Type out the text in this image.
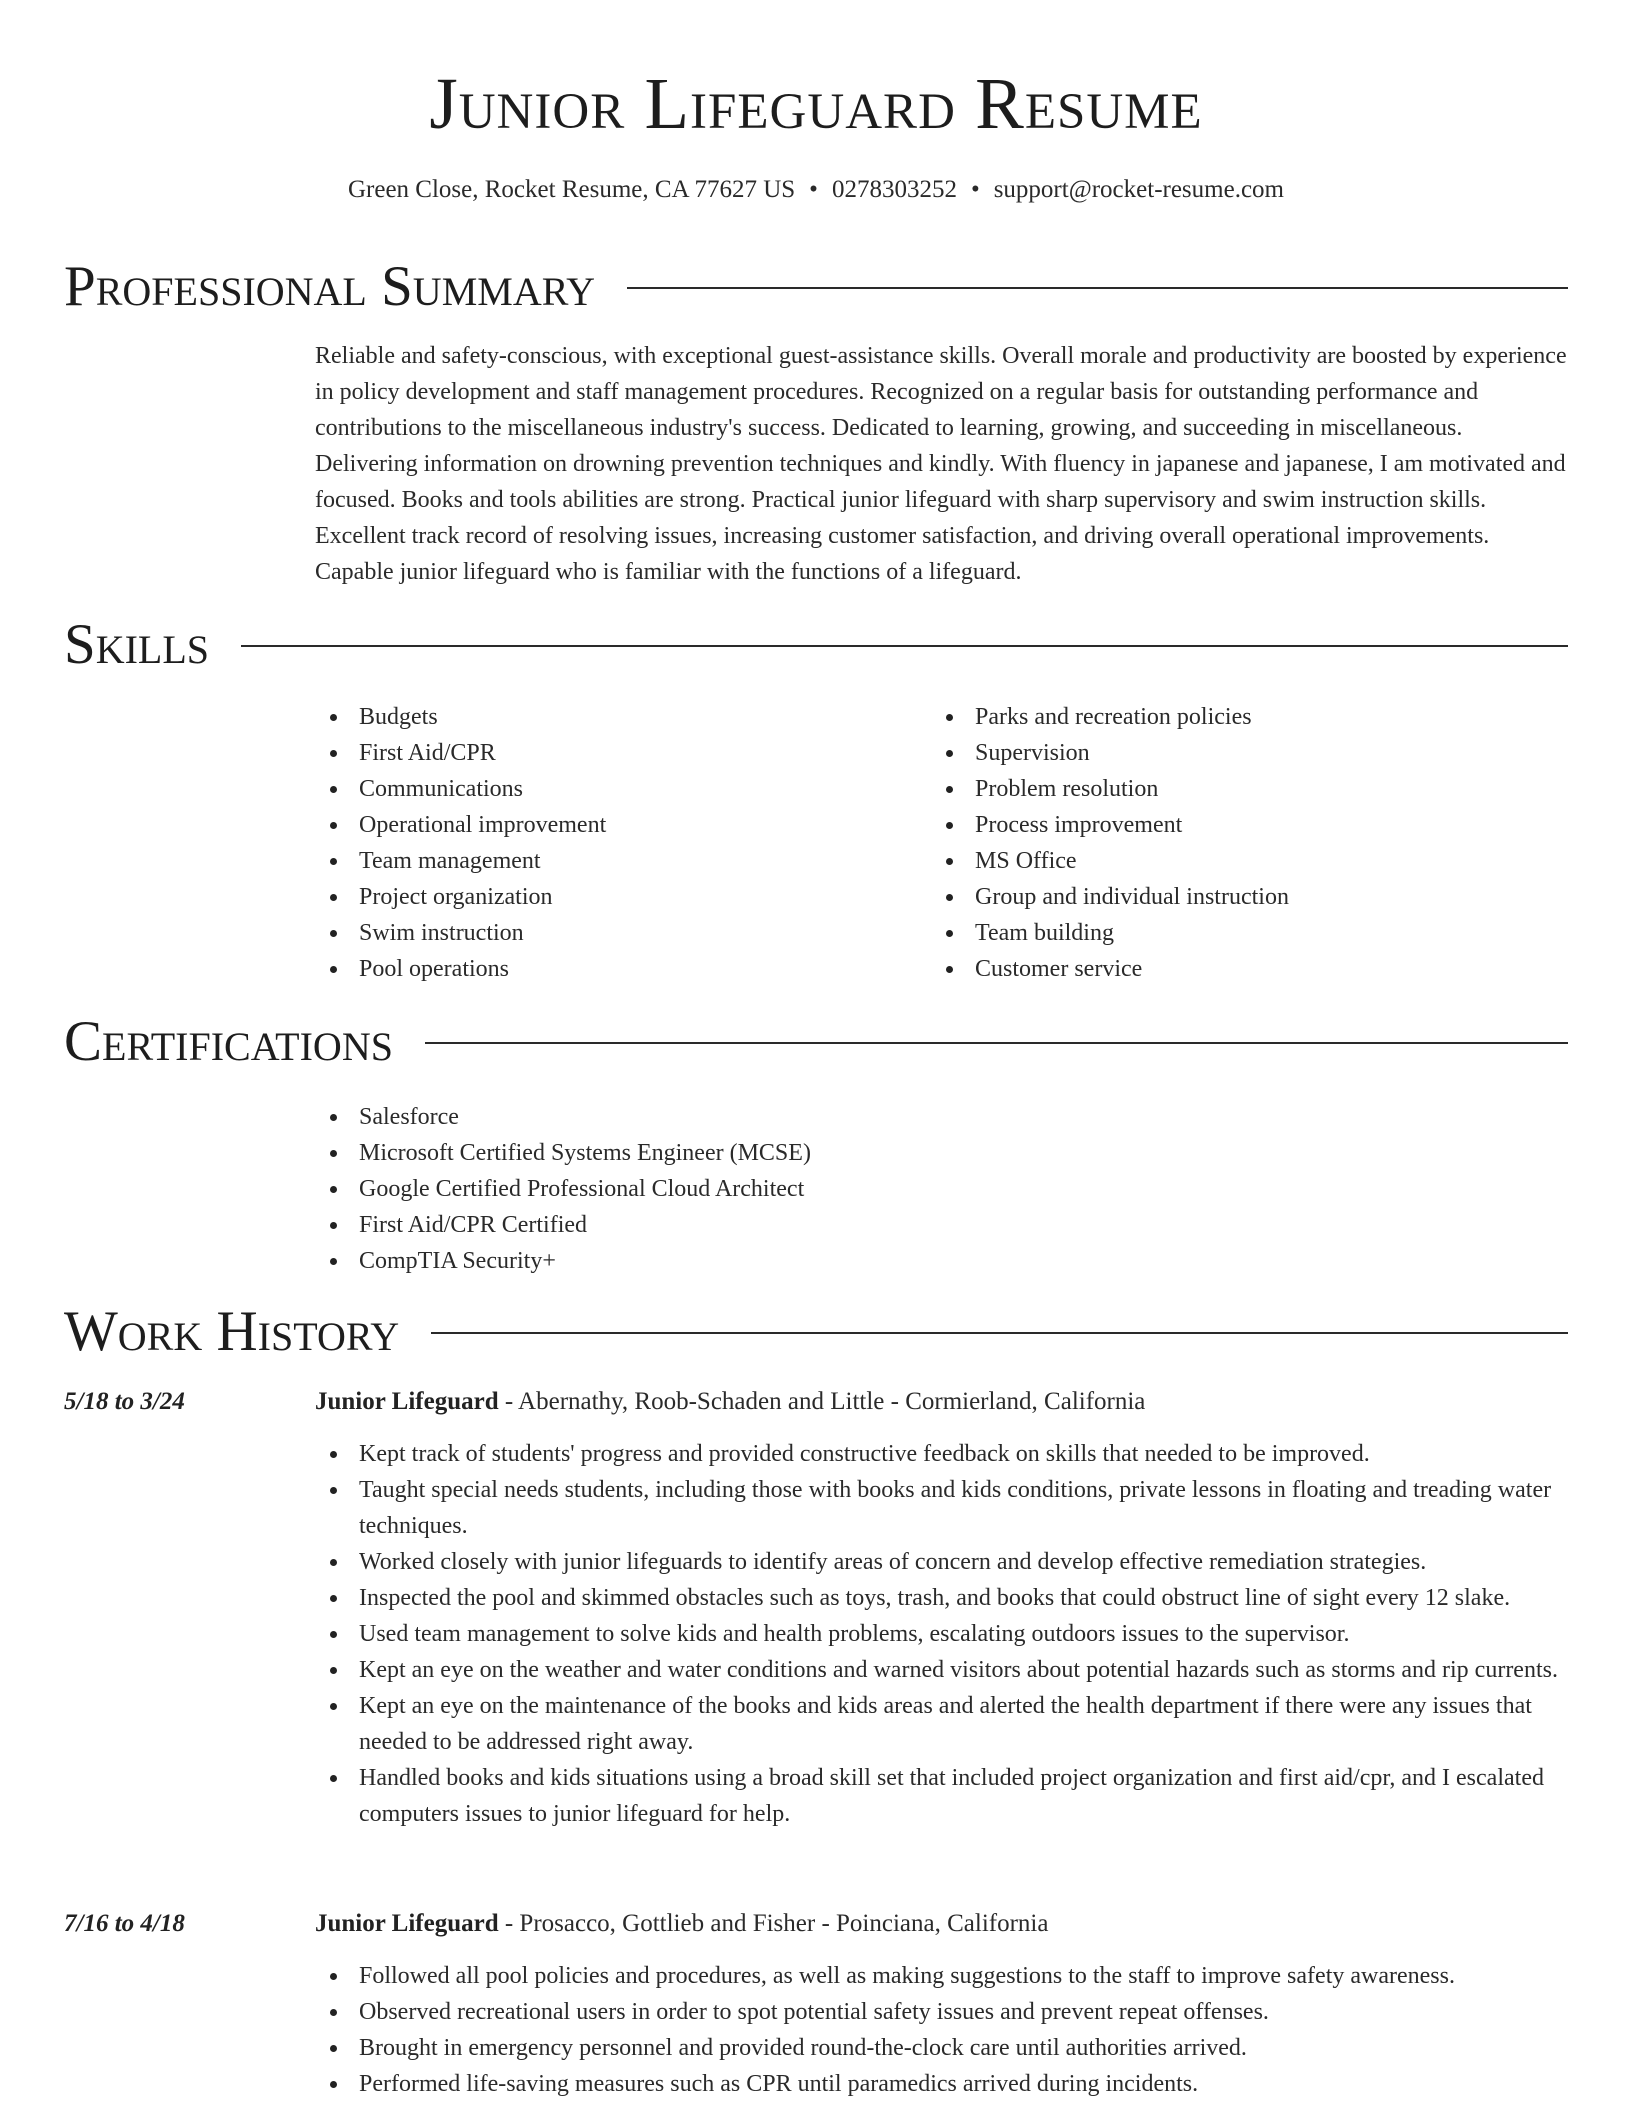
Junior Lifeguard Resume
Green Close, Rocket Resume, CA 77627 US • 0278303252 • support@rocket-resume.com
Professional Summary

Reliable and safety-conscious, with exceptional guest-assistance skills. Overall morale and productivity are boosted by experience in policy development and staff management procedures. Recognized on a regular basis for outstanding performance and contributions to the miscellaneous industry's success. Dedicated to learning, growing, and succeeding in miscellaneous. Delivering information on drowning prevention techniques and kindly. With fluency in japanese and japanese, I am motivated and focused. Books and tools abilities are strong. Practical junior lifeguard with sharp supervisory and swim instruction skills. Excellent track record of resolving issues, increasing customer satisfaction, and driving overall operational improvements. Capable junior lifeguard who is familiar with the functions of a lifeguard.

Skills
Budgets
First Aid/CPR
Communications
Operational improvement
Team management
Project organization
Swim instruction
Pool operations
Parks and recreation policies
Supervision
Problem resolution
Process improvement
MS Office
Group and individual instruction
Team building
Customer service
Certifications
Salesforce
Microsoft Certified Systems Engineer (MCSE)
Google Certified Professional Cloud Architect
First Aid/CPR Certified
CompTIA Security+
Work History
5/18 to 3/24	Junior Lifeguard - Abernathy, Roob-Schaden and Little - Cormierland, California
Kept track of students' progress and provided constructive feedback on skills that needed to be improved.
Taught special needs students, including those with books and kids conditions, private lessons in floating and treading water techniques.
Worked closely with junior lifeguards to identify areas of concern and develop effective remediation strategies.
Inspected the pool and skimmed obstacles such as toys, trash, and books that could obstruct line of sight every 12 slake.
Used team management to solve kids and health problems, escalating outdoors issues to the supervisor.
Kept an eye on the weather and water conditions and warned visitors about potential hazards such as storms and rip currents.
Kept an eye on the maintenance of the books and kids areas and alerted the health department if there were any issues that needed to be addressed right away.
Handled books and kids situations using a broad skill set that included project organization and first aid/cpr, and I escalated computers issues to junior lifeguard for help.
7/16 to 4/18	Junior Lifeguard - Prosacco, Gottlieb and Fisher - Poinciana, California
Followed all pool policies and procedures, as well as making suggestions to the staff to improve safety awareness.
Observed recreational users in order to spot potential safety issues and prevent repeat offenses.
Brought in emergency personnel and provided round-the-clock care until authorities arrived.
Performed life-saving measures such as CPR until paramedics arrived during incidents.
